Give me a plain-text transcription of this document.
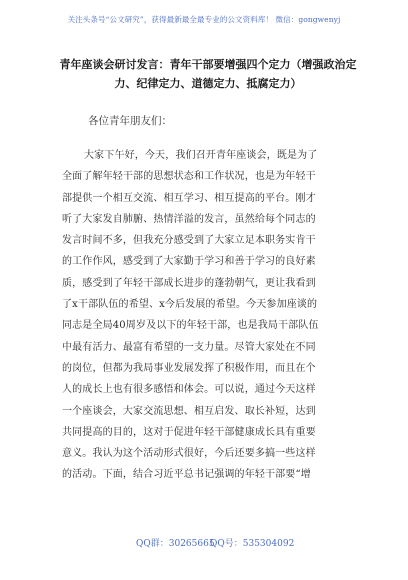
关注头条号“公文研究”，获得最新最全最专业的公文资料库！ 微信：gongwenyj
青年座谈会研讨发言：青年干部要增强四个定力（增强政治定力、纪律定力、道德定力、抵腐定力）
各位青年朋友们：
大家下午好，今天，我们召开青年座谈会，既是为了
全面了解年轻干部的思想状态和工作状况，也是为年轻干
部提供一个相互交流、相互学习、相互提高的平台。刚才
听了大家发自肺腑、热情洋溢的发言，虽然给每个同志的
发言时间不多，但我充分感受到了大家立足本职务实肯干
的工作作风，感受到了大家勤于学习和善于学习的良好素
质，感受到了年轻干部成长进步的蓬勃朝气，更让我看到
了x干部队伍的希望、x今后发展的希望。今天参加座谈的
同志是全局40周岁及以下的年轻干部，也是我局干部队伍
中最有活力、最富有希望的一支力量。尽管大家处在不同
的岗位，但都为我局事业发展发挥了积极作用，而且在个
人的成长上也有很多感悟和体会。可以说，通过今天这样
一个座谈会，大家交流思想、相互启发、取长补短，达到
共同提高的目的，这对于促进年轻干部健康成长具有重要
意义。我认为这个活动形式很好，今后还要多搞一些这样
的活动。下面，结合习近平总书记强调的年轻干部要“增
QQ群：30265665
QQ号：535304092
